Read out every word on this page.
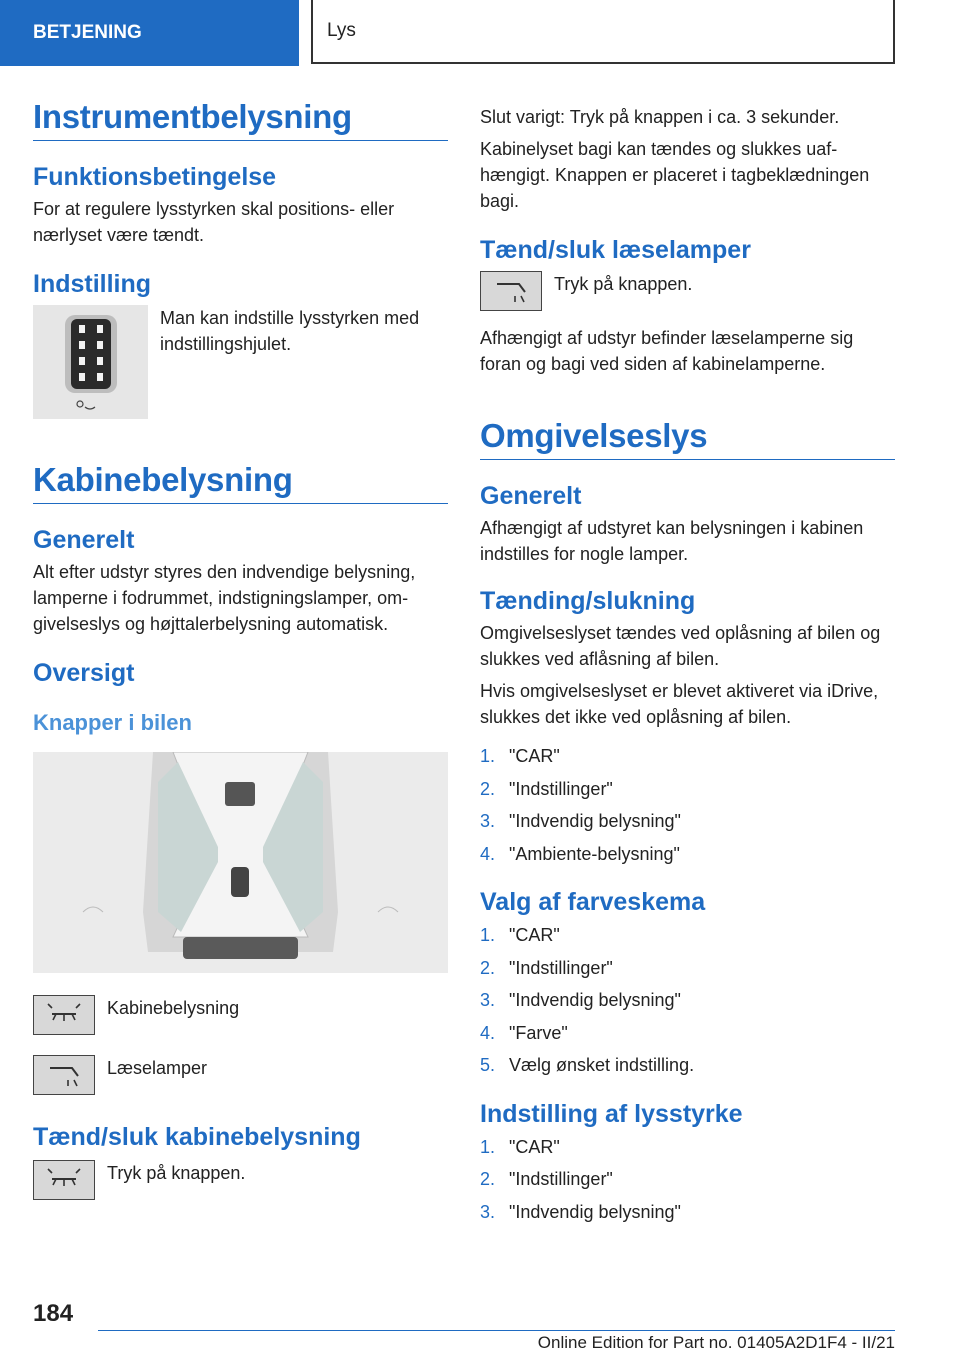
BETJENING	Lys
Instrumentbelysning
Funktionsbetingelse

For at regulere lysstyrken skal positions- eller nærlyset være tændt.

Indstilling

Man kan indstille lysstyrken med indstillingshjulet.

Kabinebelysning
Generelt

Alt efter udstyr styres den indvendige belysning, lamperne i fodrummet, indstigningslamper, omgivelseslys og højttalerbelysning automatisk.

Oversigt
Knapper i bilen

Kabinebelysning

Læselamper

Tænd/sluk kabinebelysning

Tryk på knappen.

Slut varigt: Tryk på knappen i ca. 3 sekunder.

Kabinelyset bagi kan tændes og slukkes uafhængigt. Knappen er placeret i tagbeklædningen bagi.

Tænd/sluk læselamper

Tryk på knappen.

Afhængigt af udstyr befinder læselamperne sig foran og bagi ved siden af kabinelamperne.

Omgivelseslys
Generelt

Afhængigt af udstyret kan belysningen i kabinen indstilles for nogle lamper.

Tænding/slukning

Omgivelseslyset tændes ved oplåsning af bilen og slukkes ved aflåsning af bilen.

Hvis omgivelseslyset er blevet aktiveret via iDrive, slukkes det ikke ved oplåsning af bilen.

1. "CAR"
2. "Indstillinger"
3. "Indvendig belysning"
4. "Ambiente-belysning"
Valg af farveskema
1. "CAR"
2. "Indstillinger"
3. "Indvendig belysning"
4. "Farve"
5. Vælg ønsket indstilling.
Indstilling af lysstyrke
1. "CAR"
2. "Indstillinger"
3. "Indvendig belysning"
184
Online Edition for Part no. 01405A2D1F4 - II/21
